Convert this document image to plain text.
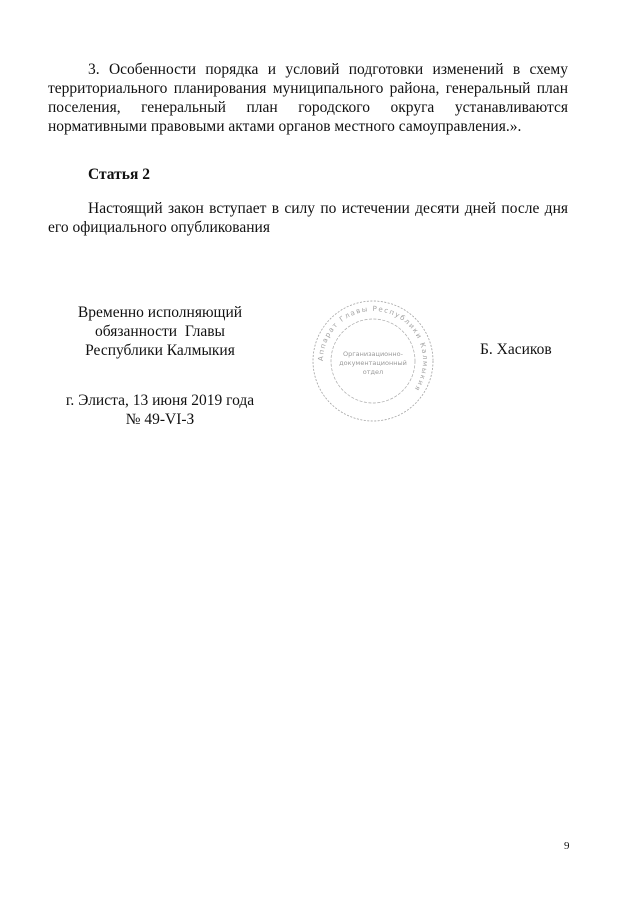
3. Особенности порядка и условий подготовки изменений в схему территориального планирования муниципального района, генеральный план поселения, генеральный план городского округа устанавливаются нормативными правовыми актами органов местного самоуправления.».

Статья 2

Настоящий закон вступает в силу по истечении десяти дней после дня его официального опубликования

Временно исполняющий
обязанности  Главы
Республики Калмыкия	Аппарат Главы Республики Калмыкия
Организационно-
документационный
отдел
Б. Хасиков
г. Элиста, 13 июня 2019 года
№ 49-VI-З
9
